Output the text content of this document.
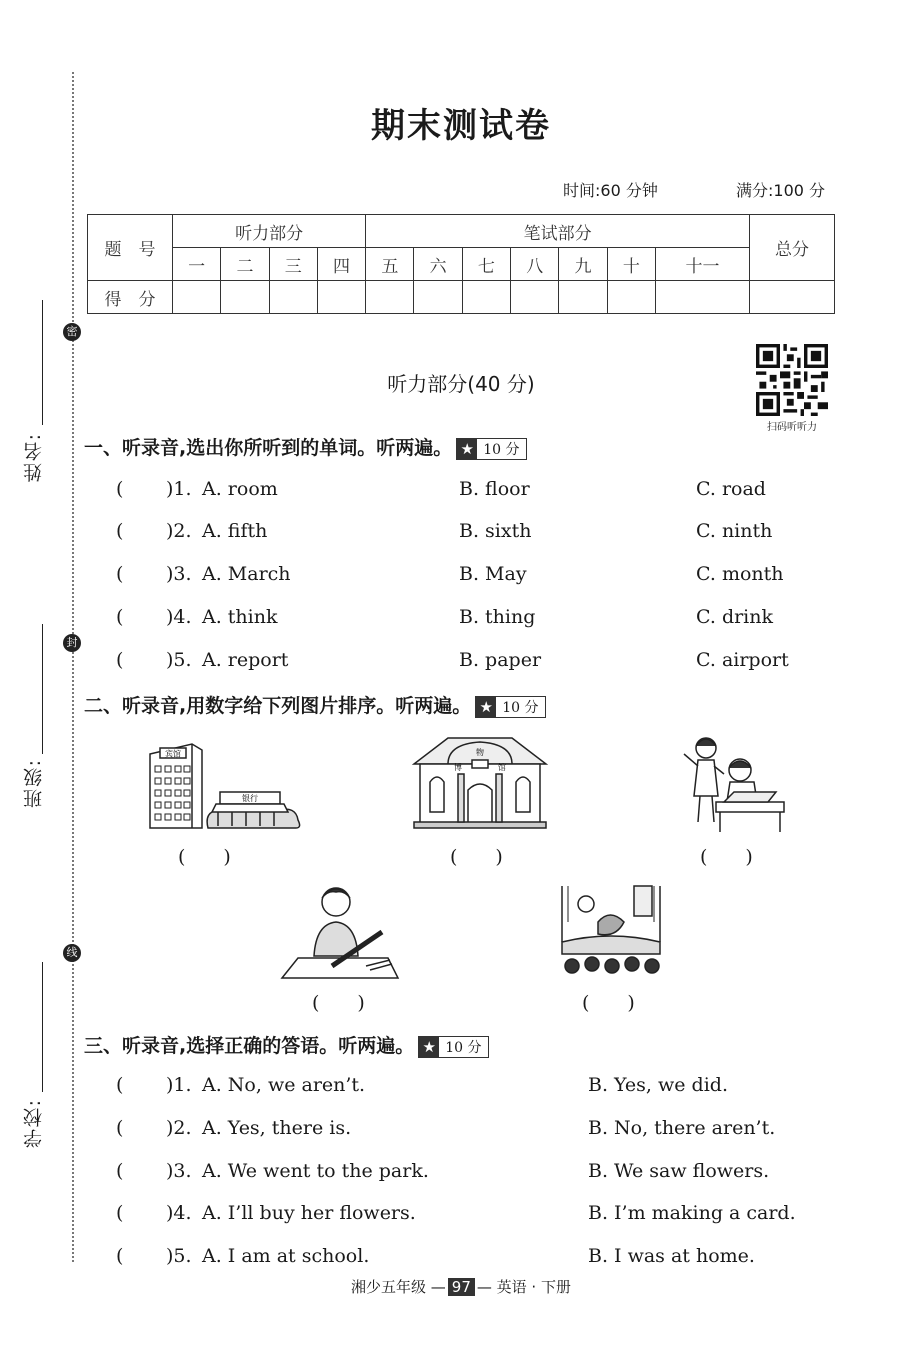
密
封
线
姓名:
班级:
学校:
期末测试卷
时间:60 分钟	满分:100 分
题　号	听力部分				笔试部分							总分
	一	二	三	四	五	六	七	八	九	十	十一	
得　分												
扫码听听力
听力部分(40 分)
一、听录音,选出你所听到的单词。听两遍。 ★ 10 分
( )1. A. room	B. floor	C. road
( )2. A. fifth	B. sixth	C. ninth
( )3. A. March	B. May	C. month
( )4. A. think	B. thing	C. drink
( )5. A. report	B. paper	C. airport
二、听录音,用数字给下列图片排序。听两遍。 ★ 10 分
宾馆
银行
(　　)
博
物
馆
(　　)	(　　)
(　　)	(　　)
三、听录音,选择正确的答语。听两遍。 ★ 10 分
( )1. A. No, we aren’t.	B. Yes, we did.
( )2. A. Yes, there is.	B. No, there aren’t.
( )3. A. We went to the park.	B. We saw flowers.
( )4. A. I’ll buy her flowers.	B. I’m making a card.
( )5. A. I am at school.	B. I was at home.
湘少五年级 — 97 — 英语 · 下册
